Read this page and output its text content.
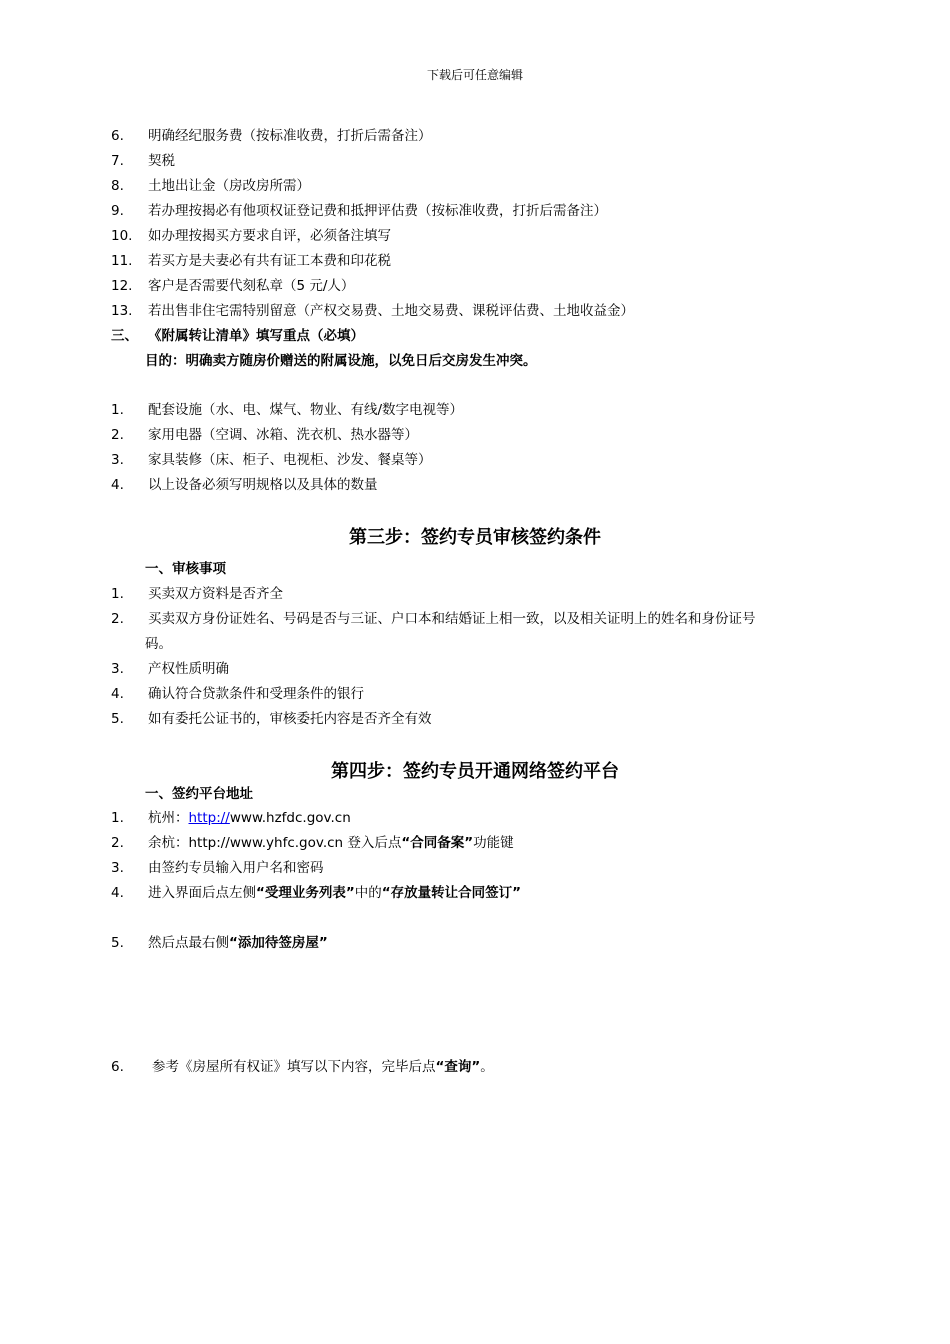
下载后可任意编辑
6. 明确经纪服务费（按标准收费，打折后需备注）
7. 契税
8. 土地出让金（房改房所需）
9. 若办理按揭必有他项权证登记费和抵押评估费（按标准收费，打折后需备注）
10. 如办理按揭买方要求自评，必须备注填写
11. 若买方是夫妻必有共有证工本费和印花税
12. 客户是否需要代刻私章（5 元/人）
13. 若出售非住宅需特别留意（产权交易费、土地交易费、课税评估费、土地收益金）
三、 《附属转让清单》填写重点（必填）
目的：明确卖方随房价赠送的附属设施，以免日后交房发生冲突。
1. 配套设施（水、电、煤气、物业、有线/数字电视等）
2. 家用电器（空调、冰箱、洗衣机、热水器等）
3. 家具装修（床、柜子、电视柜、沙发、餐桌等）
4. 以上设备必须写明规格以及具体的数量
第三步：签约专员审核签约条件
一、审核事项
1. 买卖双方资料是否齐全
2. 买卖双方身份证姓名、号码是否与三证、户口本和结婚证上相一致，以及相关证明上的姓名和身份证号
码。
3. 产权性质明确
4. 确认符合贷款条件和受理条件的银行
5. 如有委托公证书的，审核委托内容是否齐全有效
第四步：签约专员开通网络签约平台
一、签约平台地址
1. 杭州：http://www.hzfdc.gov.cn
2. 余杭：http://www.yhfc.gov.cn 登入后点“合同备案”功能键
3. 由签约专员输入用户名和密码
4. 进入界面后点左侧“受理业务列表”中的“存放量转让合同签订”
5. 然后点最右侧“添加待签房屋”
6. 参考《房屋所有权证》填写以下内容，完毕后点“查询”。
